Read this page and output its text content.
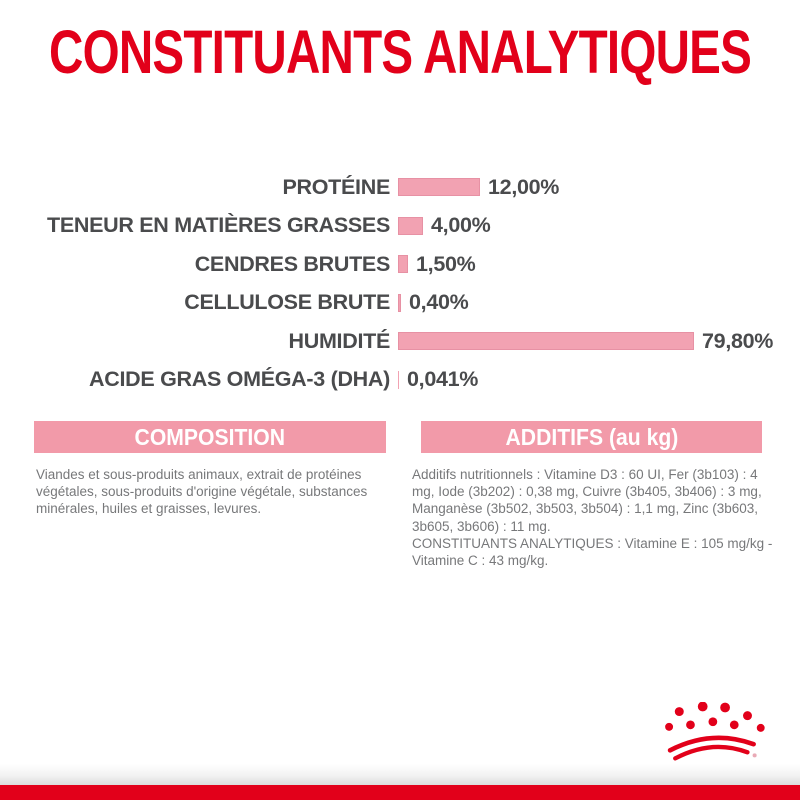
CONSTITUANTS ANALYTIQUES
PROTÉINE	12,00%
TENEUR EN MATIÈRES GRASSES 4,00%
CENDRES BRUTES 1,50%
CELLULOSE BRUTE 0,40%
HUMIDITÉ	79,80%
ACIDE GRAS OMÉGA-3 (DHA) 0,041%
COMPOSITION	ADDITIFS (au kg)

Viandes et sous-produits animaux, extrait de protéines végétales, sous-produits d'origine végétale, substances minérales, huiles et graisses, levures.

Additifs nutritionnels : Vitamine D3 : 60 UI, Fer (3b103) : 4 mg, Iode (3b202) : 0,38 mg, Cuivre (3b405, 3b406) : 3 mg, Manganèse (3b502, 3b503, 3b504) : 1,1 mg, Zinc (3b603, 3b605, 3b606) : 11 mg.

CONSTITUANTS ANALYTIQUES : Vitamine E : 105 mg/kg - Vitamine C : 43 mg/kg.
